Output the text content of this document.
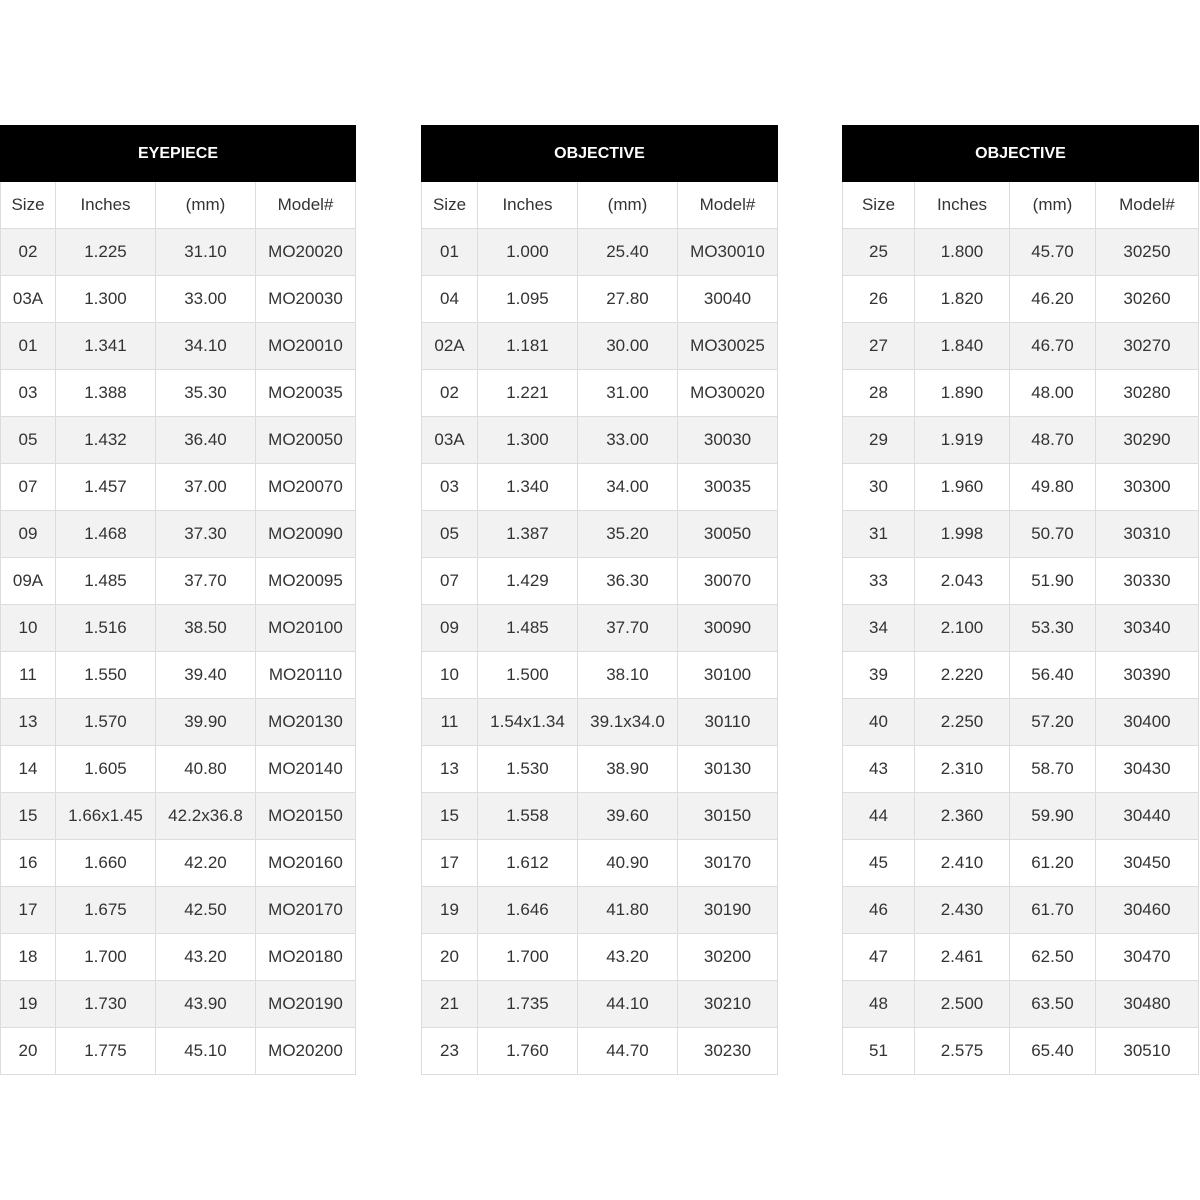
EYEPIECE			
Size	Inches	(mm)	Model#
02	1.225	31.10	MO20020
03A	1.300	33.00	MO20030
01	1.341	34.10	MO20010
03	1.388	35.30	MO20035
05	1.432	36.40	MO20050
07	1.457	37.00	MO20070
09	1.468	37.30	MO20090
09A	1.485	37.70	MO20095
10	1.516	38.50	MO20100
11	1.550	39.40	MO20110
13	1.570	39.90	MO20130
14	1.605	40.80	MO20140
15	1.66x1.45	42.2x36.8	MO20150
16	1.660	42.20	MO20160
17	1.675	42.50	MO20170
18	1.700	43.20	MO20180
19	1.730	43.90	MO20190
20	1.775	45.10	MO20200
OBJECTIVE			
Size	Inches	(mm)	Model#
01	1.000	25.40	MO30010
04	1.095	27.80	30040
02A	1.181	30.00	MO30025
02	1.221	31.00	MO30020
03A	1.300	33.00	30030
03	1.340	34.00	30035
05	1.387	35.20	30050
07	1.429	36.30	30070
09	1.485	37.70	30090
10	1.500	38.10	30100
11	1.54x1.34	39.1x34.0	30110
13	1.530	38.90	30130
15	1.558	39.60	30150
17	1.612	40.90	30170
19	1.646	41.80	30190
20	1.700	43.20	30200
21	1.735	44.10	30210
23	1.760	44.70	30230
OBJECTIVE			
Size	Inches	(mm)	Model#
25	1.800	45.70	30250
26	1.820	46.20	30260
27	1.840	46.70	30270
28	1.890	48.00	30280
29	1.919	48.70	30290
30	1.960	49.80	30300
31	1.998	50.70	30310
33	2.043	51.90	30330
34	2.100	53.30	30340
39	2.220	56.40	30390
40	2.250	57.20	30400
43	2.310	58.70	30430
44	2.360	59.90	30440
45	2.410	61.20	30450
46	2.430	61.70	30460
47	2.461	62.50	30470
48	2.500	63.50	30480
51	2.575	65.40	30510
